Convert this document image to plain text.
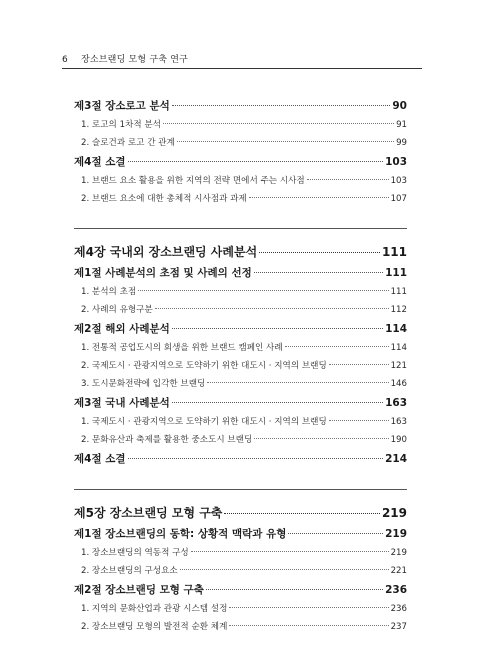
6 장소브랜딩 모형 구축 연구
제3절 장소로고 분석	90
1. 로고의 1차적 분석	91
2. 슬로건과 로고 간 관계	99
제4절 소결	103
1. 브랜드 요소 활용을 위한 지역의 전략 면에서 주는 시사점	103
2. 브랜드 요소에 대한 총체적 시사점과 과제	107
제4장 국내외 장소브랜딩 사례분석	111
제1절 사례분석의 초점 및 사례의 선정	111
1. 분석의 초점	111
2. 사례의 유형구분	112
제2절 해외 사례분석	114
1. 전통적 공업도시의 회생을 위한 브랜드 캠페인 사례	114
2. 국제도시 · 관광지역으로 도약하기 위한 대도시 · 지역의 브랜딩	121
3. 도시문화전략에 입각한 브랜딩	146
제3절 국내 사례분석	163
1. 국제도시 · 관광지역으로 도약하기 위한 대도시 · 지역의 브랜딩	163
2. 문화유산과 축제를 활용한 중소도시 브랜딩	190
제4절 소결	214
제5장 장소브랜딩 모형 구축	219
제1절 장소브랜딩의 동학: 상황적 맥락과 유형	219
1. 장소브랜딩의 역동적 구성	219
2. 장소브랜딩의 구성요소	221
제2절 장소브랜딩 모형 구축	236
1. 지역의 문화산업과 관광 시스템 설정	236
2. 장소브랜딩 모형의 발전적 순환 체계	237
